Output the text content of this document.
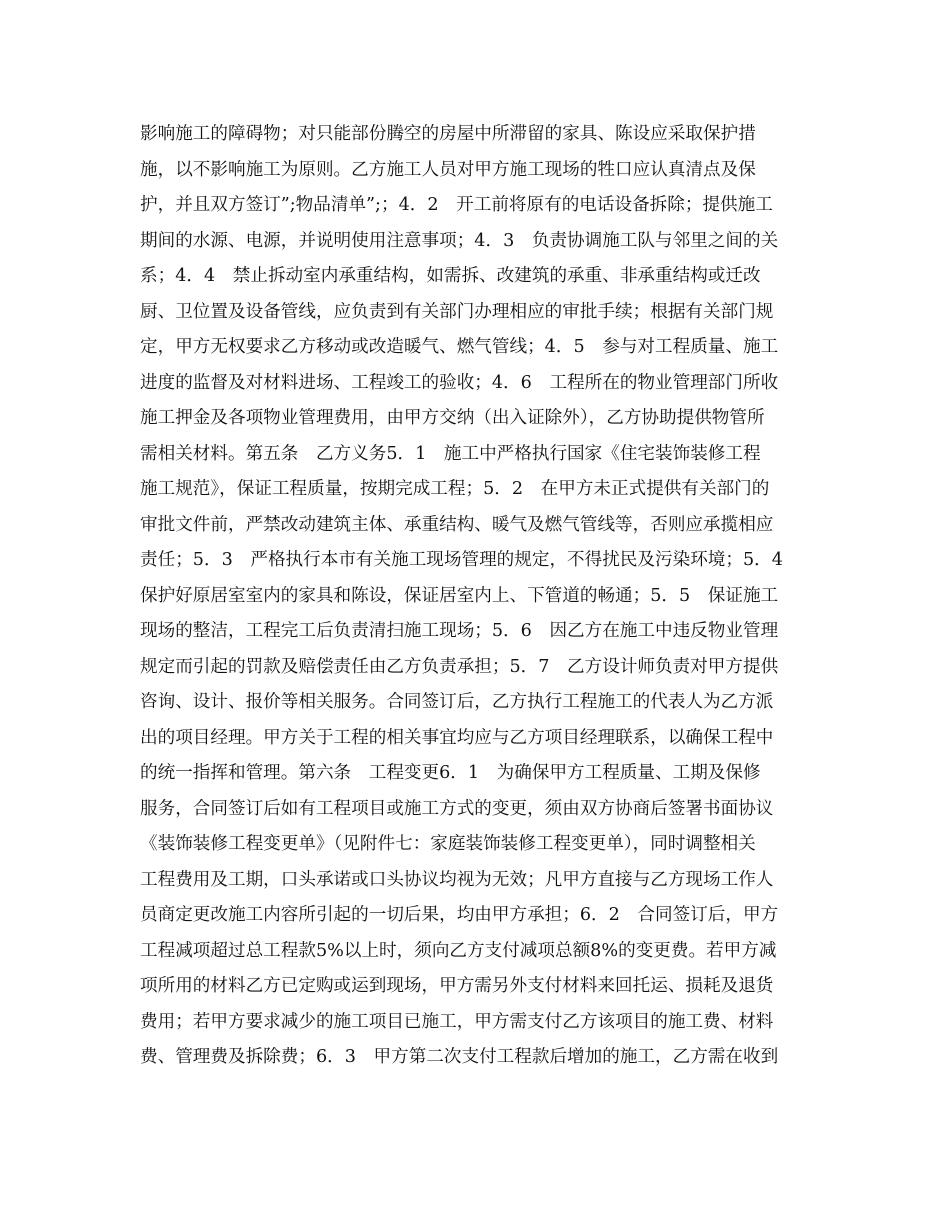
影响施工的障碍物；对只能部份腾空的房屋中所滞留的家具、陈设应采取保护措
施，以不影响施工为原则。乙方施工人员对甲方施工现场的牲口应认真清点及保
护，并且双方签订”;物品清单”;；4．2　开工前将原有的电话设备拆除；提供施工
期间的水源、电源，并说明使用注意事项；4．3　负责协调施工队与邻里之间的关
系；4．4　禁止拆动室内承重结构，如需拆、改建筑的承重、非承重结构或迁改
厨、卫位置及设备管线，应负责到有关部门办理相应的审批手续；根据有关部门规
定，甲方无权要求乙方移动或改造暖气、燃气管线；4．5　参与对工程质量、施工
进度的监督及对材料进场、工程竣工的验收；4．6　工程所在的物业管理部门所收
施工押金及各项物业管理费用，由甲方交纳（出入证除外），乙方协助提供物管所
需相关材料。第五条　乙方义务5．1　施工中严格执行国家《住宅装饰装修工程
施工规范》，保证工程质量，按期完成工程；5．2　在甲方未正式提供有关部门的
审批文件前，严禁改动建筑主体、承重结构、暖气及燃气管线等，否则应承揽相应
责任；5．3　严格执行本市有关施工现场管理的规定，不得扰民及污染环境；5．4
保护好原居室室内的家具和陈设，保证居室内上、下管道的畅通；5．5　保证施工
现场的整洁，工程完工后负责清扫施工现场；5．6　因乙方在施工中违反物业管理
规定而引起的罚款及赔偿责任由乙方负责承担；5．7　乙方设计师负责对甲方提供
咨询、设计、报价等相关服务。合同签订后，乙方执行工程施工的代表人为乙方派
出的项目经理。甲方关于工程的相关事宜均应与乙方项目经理联系，以确保工程中
的统一指挥和管理。第六条　工程变更6．1　为确保甲方工程质量、工期及保修
服务，合同签订后如有工程项目或施工方式的变更，须由双方协商后签署书面协议
《装饰装修工程变更单》（见附件七：家庭装饰装修工程变更单），同时调整相关
工程费用及工期，口头承诺或口头协议均视为无效；凡甲方直接与乙方现场工作人
员商定更改施工内容所引起的一切后果，均由甲方承担；6．2　合同签订后，甲方
工程减项超过总工程款5%以上时，须向乙方支付减项总额8%的变更费。若甲方减
项所用的材料乙方已定购或运到现场，甲方需另外支付材料来回托运、损耗及退货
费用；若甲方要求减少的施工项目已施工，甲方需支付乙方该项目的施工费、材料
费、管理费及拆除费；6．3　甲方第二次支付工程款后增加的施工，乙方需在收到
